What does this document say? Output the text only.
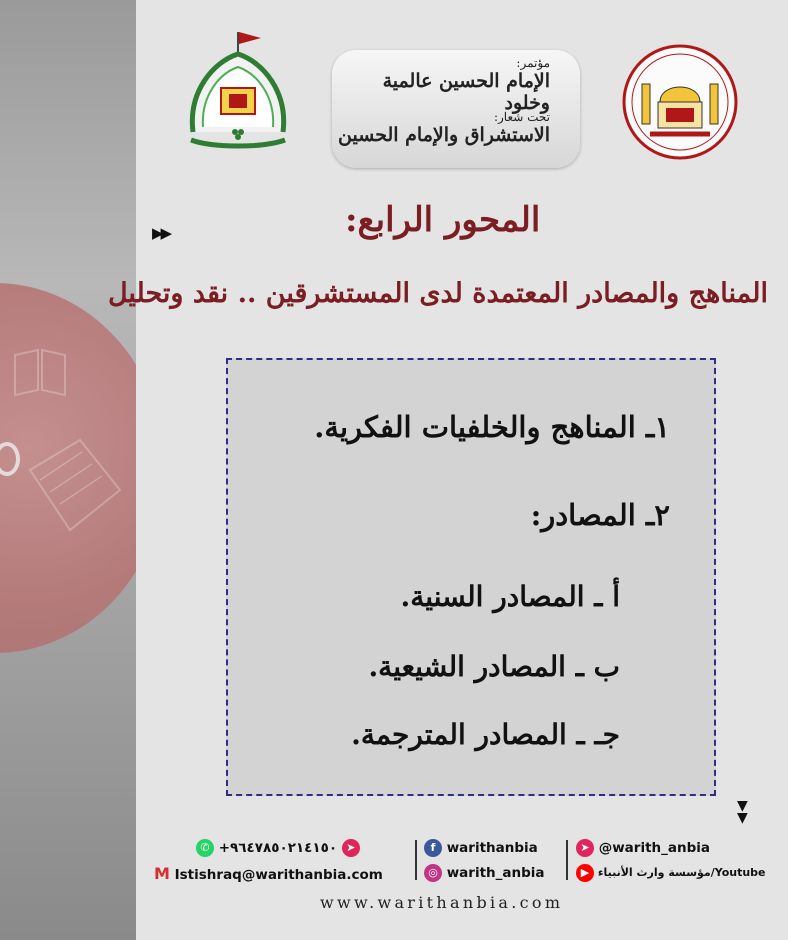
مؤتمر:
الإمام الحسين عالمية وخلود
تحت شعار:
الاستشراق والإمام الحسين
▶▶	المحور الرابع:
المناهج والمصادر المعتمدة لدى المستشرقين .. نقد وتحليل
١ـ المناهج والخلفيات الفكرية.
٢ـ المصادر:
أ ـ المصادر السنية.
ب ـ المصادر الشيعية.
جـ ـ المصادر المترجمة.
▼
▼
✆ +٩٦٤٧٨٥٠٢١٤١٥٠ ➤
M Istishraq@warithanbia.com
f warithanbia
◎ warith_anbia
➤ @warith_anbia
▶ مؤسسة وارث الأنبياء/Youtube
www.warithanbia.com
